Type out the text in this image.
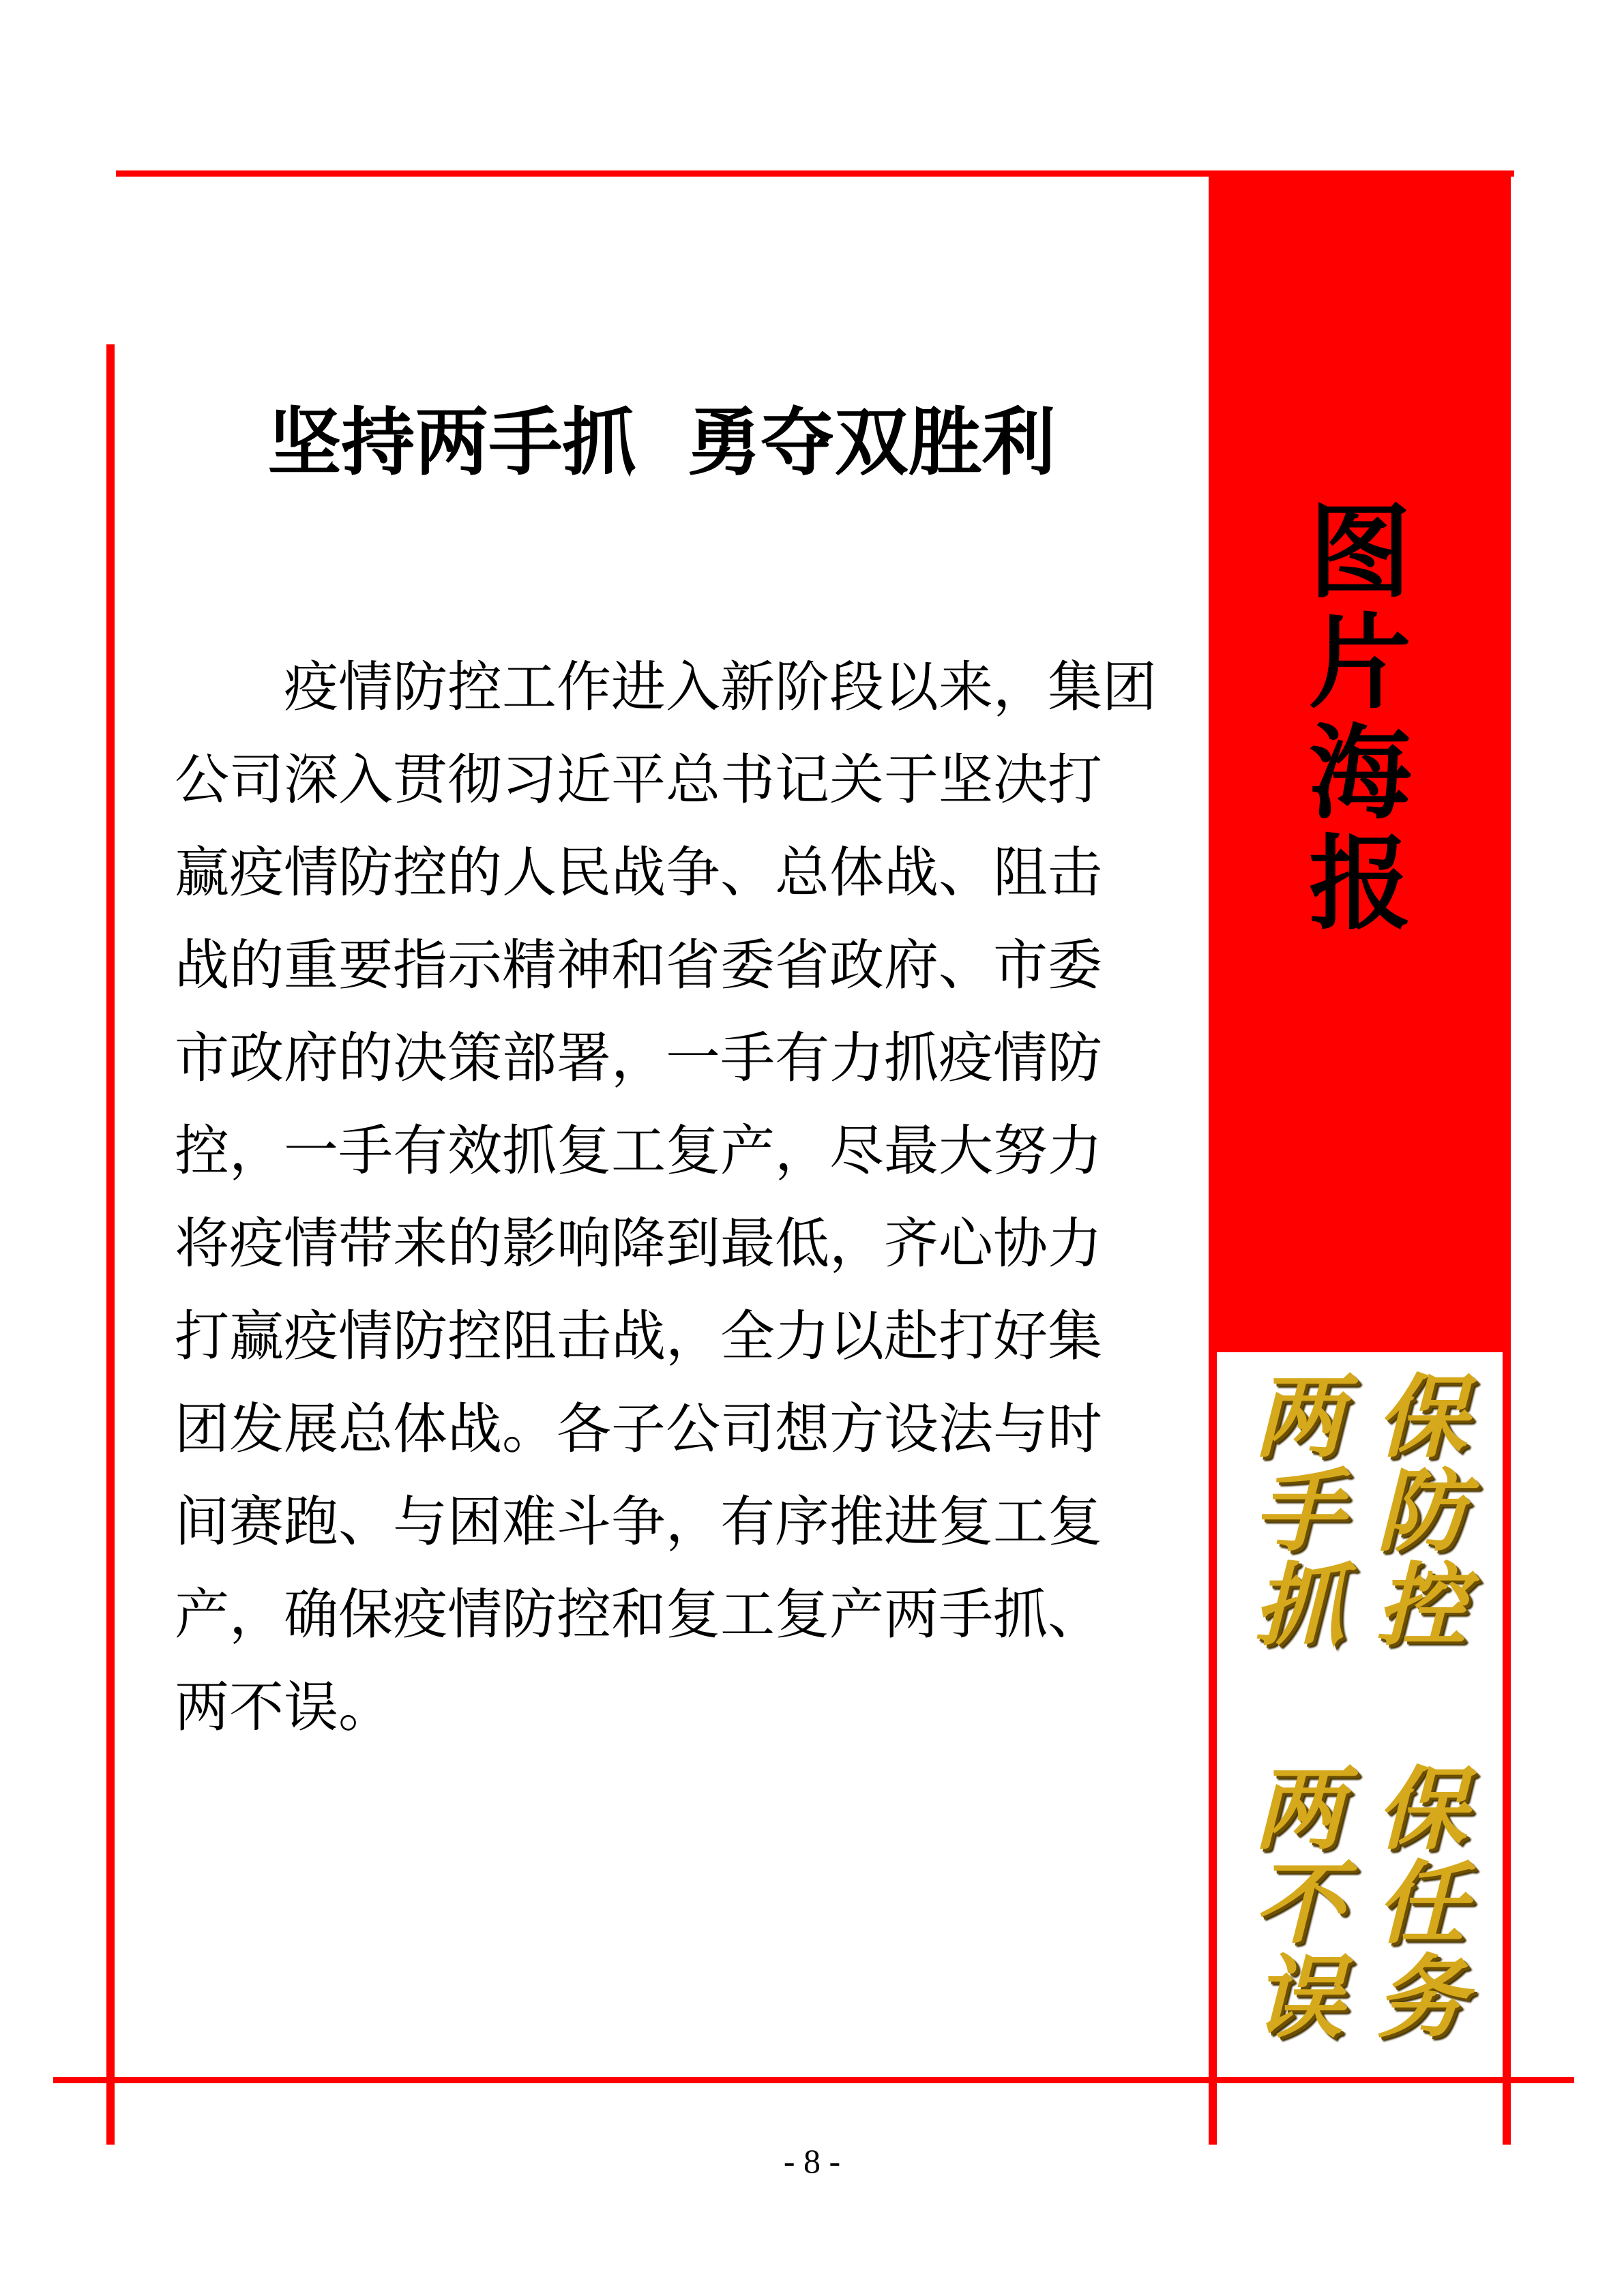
坚持两手抓  勇夺双胜利
疫情防控工作进入新阶段以来，集团
公司深入贯彻习近平总书记关于坚决打
赢疫情防控的人民战争、总体战、阻击
战的重要指示精神和省委省政府、市委
市政府的决策部署，一手有力抓疫情防
控，一手有效抓复工复产，尽最大努力
将疫情带来的影响降到最低，齐心协力
打赢疫情防控阻击战，全力以赴打好集
团发展总体战。各子公司想方设法与时
间赛跑、与困难斗争，有序推进复工复
产，确保疫情防控和复工复产两手抓、
两不误。
图
片
海
报
两
手
抓
保
防
控
两
不
误
保
任
务
- 8 -
